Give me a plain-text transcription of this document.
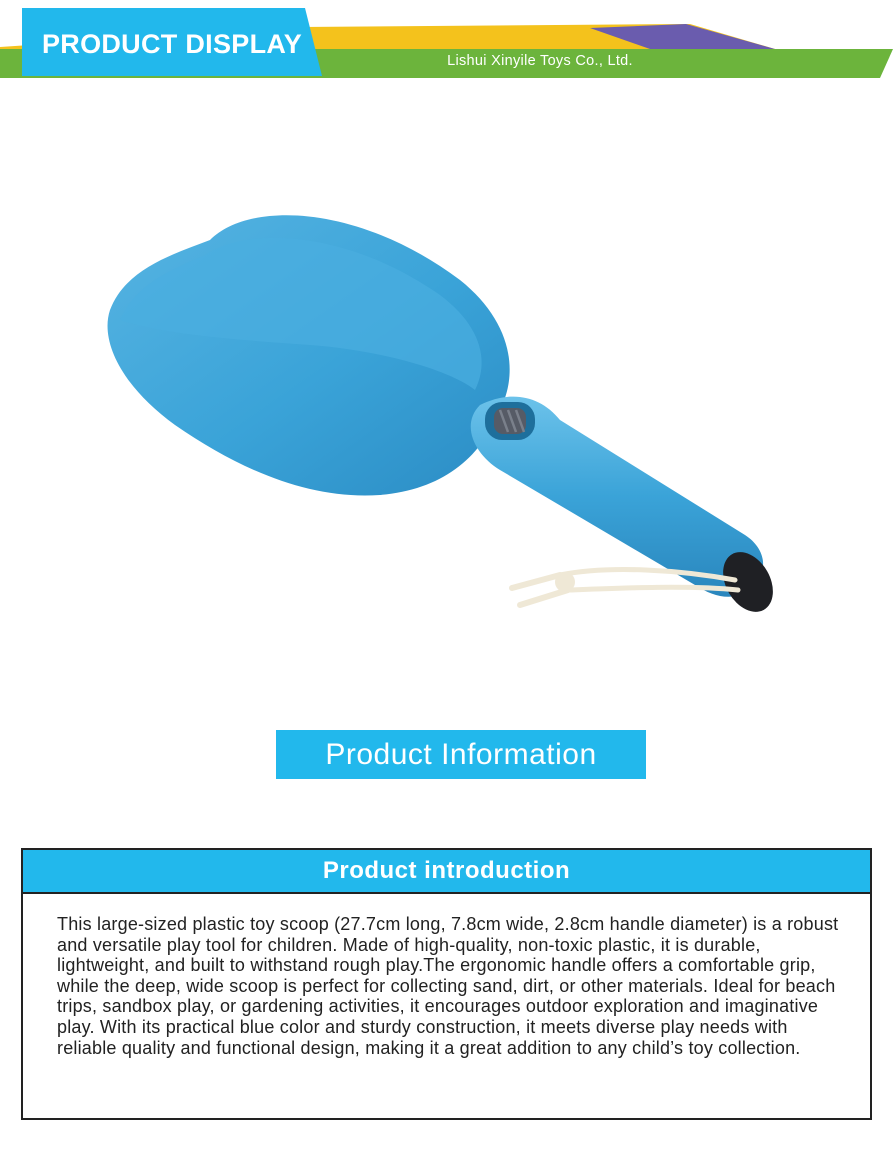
PRODUCT DISPLAY
Lishui Xinyile Toys Co., Ltd.
Product Information
Product introduction
This large-sized plastic toy scoop (27.7cm long, 7.8cm wide, 2.8cm handle diameter) is a robust and versatile play tool for children. Made of high-quality, non-toxic plastic, it is durable, lightweight, and built to withstand rough play.The ergonomic handle offers a comfortable grip, while the deep, wide scoop is perfect for collecting sand, dirt, or other materials. Ideal for beach trips, sandbox play, or gardening activities, it encourages outdoor exploration and imaginative play. With its practical blue color and sturdy construction, it meets diverse play needs with reliable quality and functional design, making it a great addition to any child’s toy collection.
